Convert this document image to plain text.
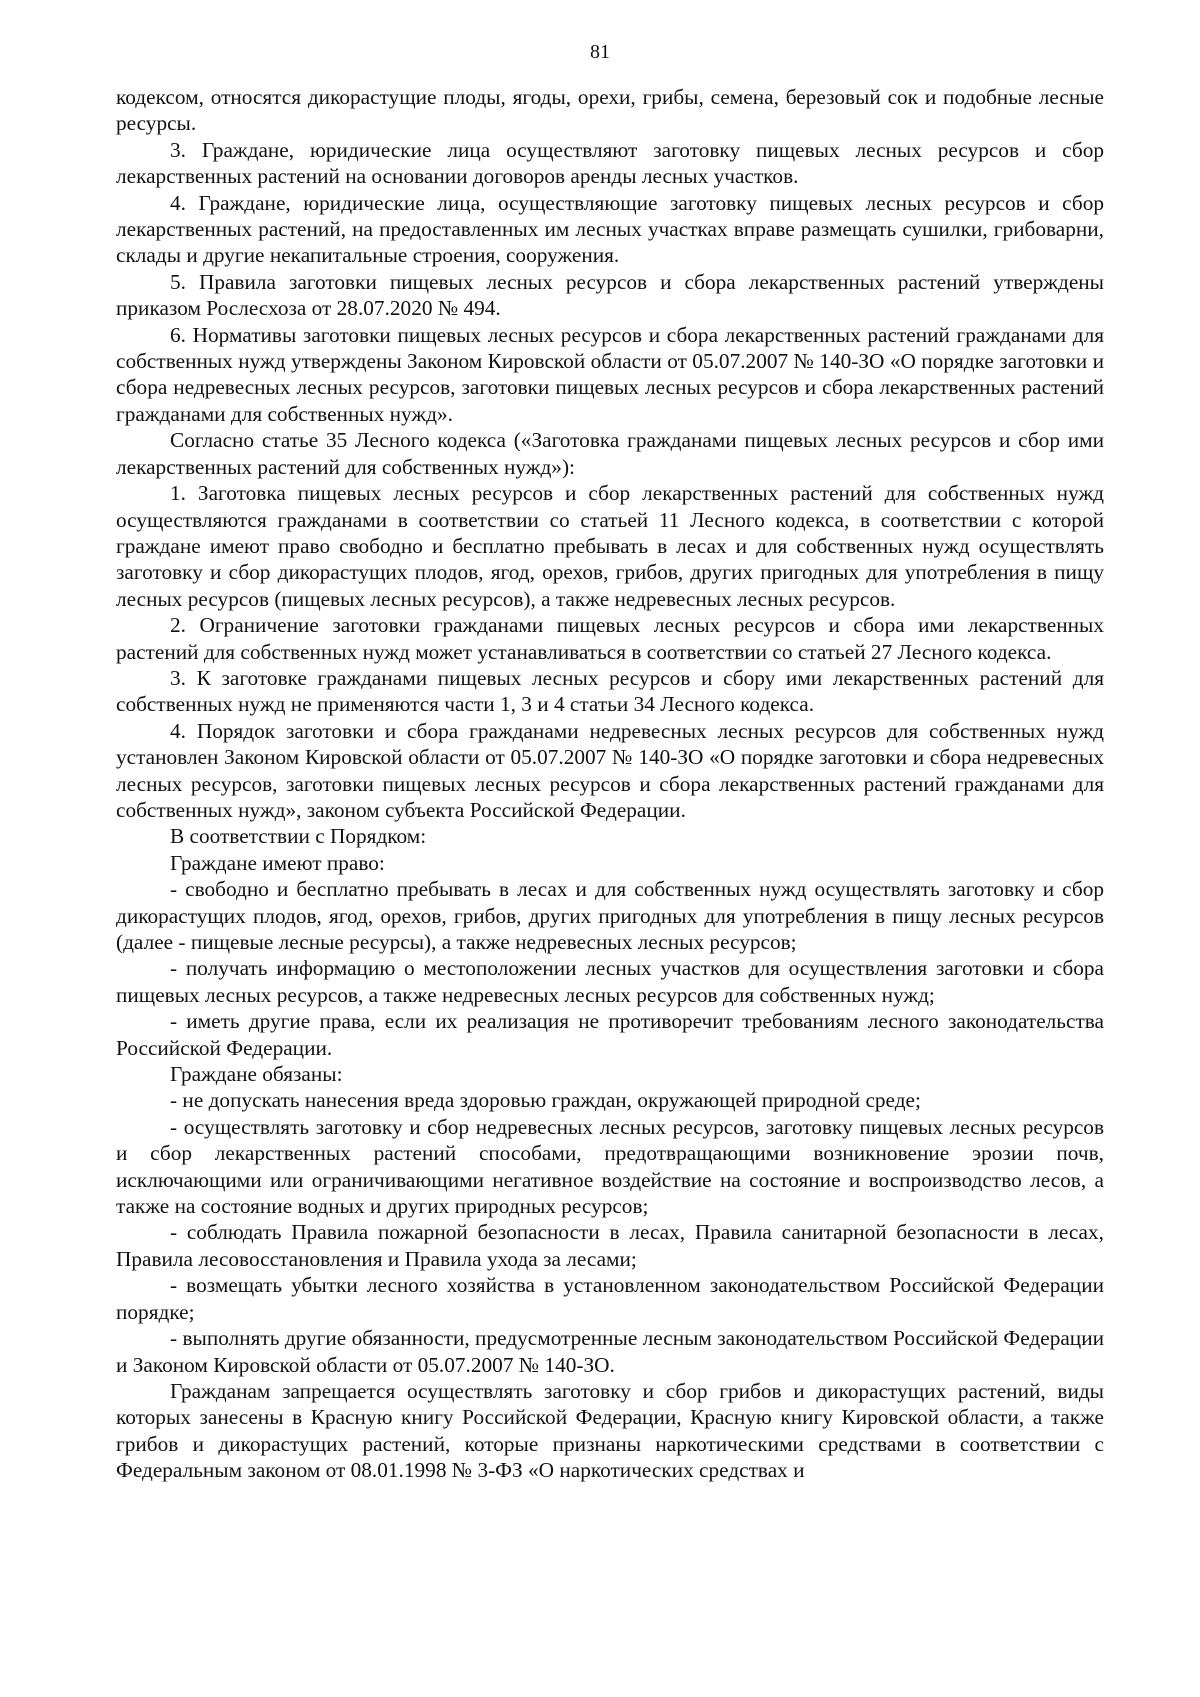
81

кодексом, относятся дикорастущие плоды, ягоды, орехи, грибы, семена, березовый сок и подобные лесные ресурсы.

3. Граждане, юридические лица осуществляют заготовку пищевых лесных ресурсов и сбор лекарственных растений на основании договоров аренды лесных участков.

4. Граждане, юридические лица, осуществляющие заготовку пищевых лесных ресурсов и сбор лекарственных растений, на предоставленных им лесных участках вправе размещать сушилки, грибоварни, склады и другие некапитальные строения, сооружения.

5. Правила заготовки пищевых лесных ресурсов и сбора лекарственных растений утверждены приказом Рослесхоза от 28.07.2020 № 494.

6. Нормативы заготовки пищевых лесных ресурсов и сбора лекарственных растений гражданами для собственных нужд утверждены Законом Кировской области от 05.07.2007 № 140-ЗО «О порядке заготовки и сбора недревесных лесных ресурсов, заготовки пищевых лесных ресурсов и сбора лекарственных растений гражданами для собственных нужд».

Согласно статье 35 Лесного кодекса («Заготовка гражданами пищевых лесных ресурсов и сбор ими лекарственных растений для собственных нужд»):

1. Заготовка пищевых лесных ресурсов и сбор лекарственных растений для собственных нужд осуществляются гражданами в соответствии со статьей 11 Лесного кодекса, в соответствии с которой граждане имеют право свободно и бесплатно пребывать в лесах и для собственных нужд осуществлять заготовку и сбор дикорастущих плодов, ягод, орехов, грибов, других пригодных для употребления в пищу лесных ресурсов (пищевых лесных ресурсов), а также недревесных лесных ресурсов.

2. Ограничение заготовки гражданами пищевых лесных ресурсов и сбора ими лекарственных растений для собственных нужд может устанавливаться в соответствии со статьей 27 Лесного кодекса.

3. К заготовке гражданами пищевых лесных ресурсов и сбору ими лекарственных растений для собственных нужд не применяются части 1, 3 и 4 статьи 34 Лесного кодекса.

4. Порядок заготовки и сбора гражданами недревесных лесных ресурсов для собственных нужд установлен Законом Кировской области от 05.07.2007 № 140-ЗО «О порядке заготовки и сбора недревесных лесных ресурсов, заготовки пищевых лесных ресурсов и сбора лекарственных растений гражданами для собственных нужд», законом субъекта Российской Федерации.

В соответствии с Порядком:

Граждане имеют право:

- свободно и бесплатно пребывать в лесах и для собственных нужд осуществлять заготовку и сбор дикорастущих плодов, ягод, орехов, грибов, других пригодных для употребления в пищу лесных ресурсов (далее - пищевые лесные ресурсы), а также недревесных лесных ресурсов;

- получать информацию о местоположении лесных участков для осуществления заготовки и сбора пищевых лесных ресурсов, а также недревесных лесных ресурсов для собственных нужд;

- иметь другие права, если их реализация не противоречит требованиям лесного законодательства Российской Федерации.

Граждане обязаны:

- не допускать нанесения вреда здоровью граждан, окружающей природной среде;

- осуществлять заготовку и сбор недревесных лесных ресурсов, заготовку пищевых лесных ресурсов и сбор лекарственных растений способами, предотвращающими возникновение эрозии почв, исключающими или ограничивающими негативное воздействие на состояние и воспроизводство лесов, а также на состояние водных и других природных ресурсов;

- соблюдать Правила пожарной безопасности в лесах, Правила санитарной безопасности в лесах, Правила лесовосстановления и Правила ухода за лесами;

- возмещать убытки лесного хозяйства в установленном законодательством Российской Федерации порядке;

- выполнять другие обязанности, предусмотренные лесным законодательством Российской Федерации и Законом Кировской области от 05.07.2007 № 140-ЗО.

Гражданам запрещается осуществлять заготовку и сбор грибов и дикорастущих растений, виды которых занесены в Красную книгу Российской Федерации, Красную книгу Кировской области, а также грибов и дикорастущих растений, которые признаны наркотическими средствами в соответствии с Федеральным законом от 08.01.1998 № 3-ФЗ «О наркотических средствах и
